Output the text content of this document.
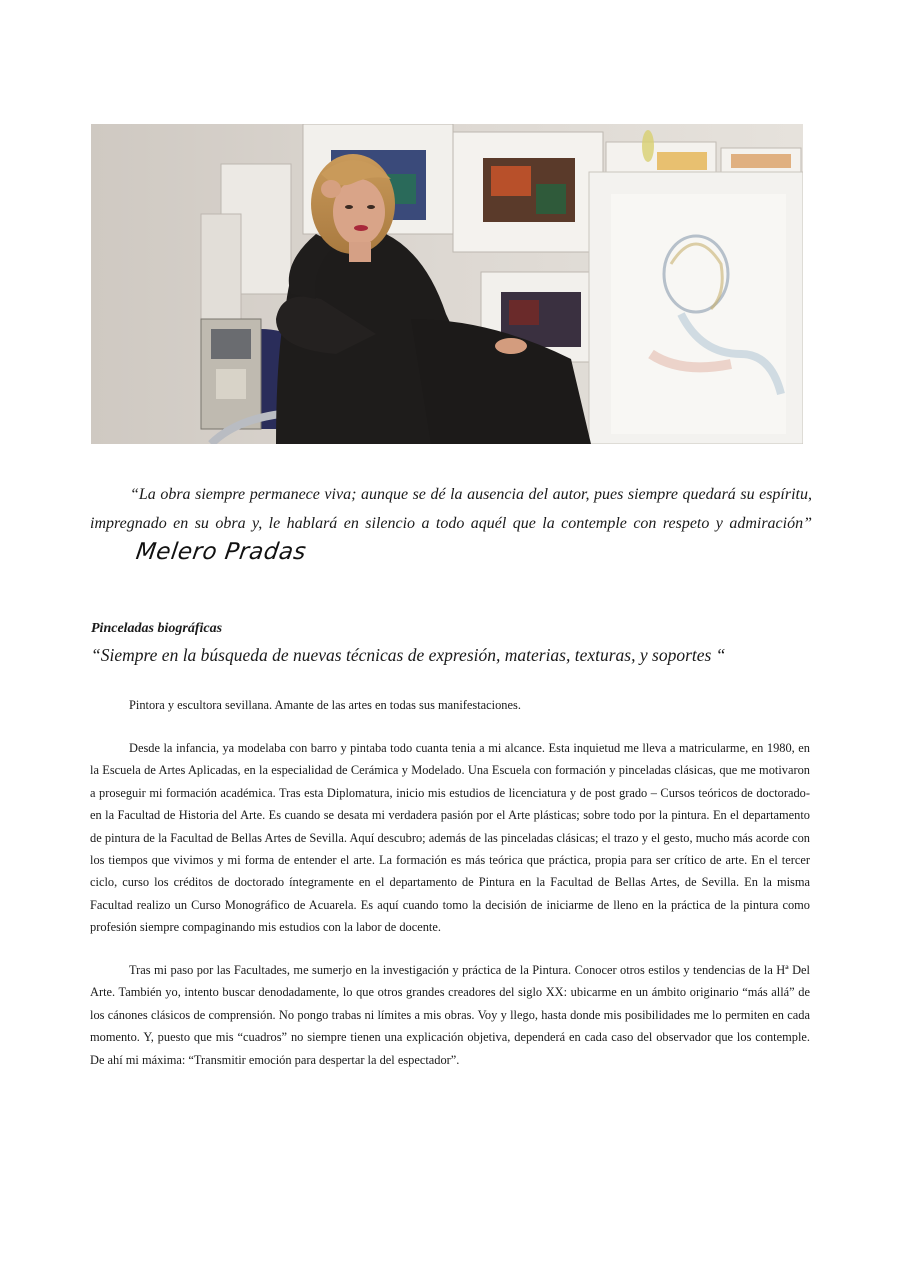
“La obra siempre permanece viva; aunque se dé la ausencia del autor, pues siempre quedará su espíritu, impregnado en su obra y, le hablará en silencio a todo aquél que la contemple con respeto y admiración”Melero Pradas

Pinceladas biográficas

“Siempre en la búsqueda de nuevas técnicas de expresión, materias, texturas, y soportes “

Pintora y escultora sevillana. Amante de las artes en todas sus manifestaciones.

Desde la infancia, ya modelaba con barro y pintaba todo cuanta tenia a mi alcance. Esta inquietud me lleva a matricularme, en 1980, en la Escuela de Artes Aplicadas, en la especialidad de Cerámica y Modelado. Una Escuela con formación y pinceladas clásicas, que me motivaron a proseguir mi formación académica. Tras esta Diplomatura, inicio mis estudios de licenciatura y de post grado – Cursos teóricos de doctorado- en la Facultad de Historia del Arte. Es cuando se desata mi verdadera pasión por el Arte plásticas; sobre todo por la pintura. En el departamento de pintura de la Facultad de Bellas Artes de Sevilla. Aquí descubro; además de las pinceladas clásicas; el trazo y el gesto, mucho más acorde con los tiempos que vivimos y mi forma de entender el arte. La formación es más teórica que práctica, propia para ser crítico de arte. En el tercer ciclo, curso los créditos de doctorado íntegramente en el departamento de Pintura en la Facultad de Bellas Artes, de Sevilla. En la misma Facultad realizo un Curso Monográfico de Acuarela. Es aquí cuando tomo la decisión de iniciarme de lleno en la práctica de la pintura como profesión siempre compaginando mis estudios con la labor de docente.

Tras mi paso por las Facultades, me sumerjo en la investigación y práctica de la Pintura. Conocer otros estilos y tendencias de la Hª Del Arte. También yo, intento buscar denodadamente, lo que otros grandes creadores del siglo XX: ubicarme en un ámbito originario “más allá” de los cánones clásicos de comprensión. No pongo trabas ni límites a mis obras. Voy y llego, hasta donde mis posibilidades me lo permiten en cada momento. Y, puesto que mis “cuadros” no siempre tienen una explicación objetiva, dependerá en cada caso del observador que los contemple. De ahí mi máxima: “Transmitir emoción para despertar la del espectador”.
